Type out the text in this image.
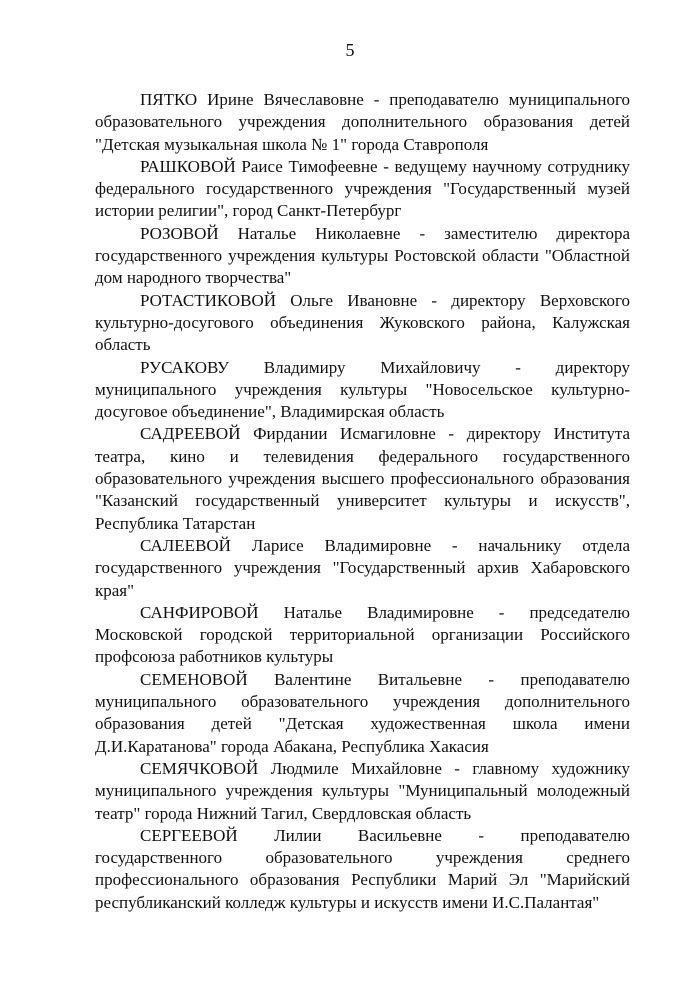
5

ПЯТКО Ирине Вячеславовне - преподавателю муниципального образовательного учреждения дополнительного образования детей "Детская музыкальная школа № 1" города Ставрополя

РАШКОВОЙ Раисе Тимофеевне - ведущему научному сотруднику федерального государственного учреждения "Государственный музей истории религии", город Санкт-Петербург

РОЗОВОЙ Наталье Николаевне - заместителю директора государственного учреждения культуры Ростовской области "Областной дом народного творчества"

РОТАСТИКОВОЙ Ольге Ивановне - директору Верховского культурно-досугового объединения Жуковского района, Калужская область

РУСАКОВУ Владимиру Михайловичу - директору муниципального учреждения культуры "Новосельское культурно-досуговое объединение", Владимирская область

САДРЕЕВОЙ Фирдании Исмагиловне - директору Института театра, кино и телевидения федерального государственного образовательного учреждения высшего профессионального образования "Казанский государственный университет культуры и искусств", Республика Татарстан

САЛЕЕВОЙ Ларисе Владимировне - начальнику отдела государственного учреждения "Государственный архив Хабаровского края"

САНФИРОВОЙ Наталье Владимировне - председателю Московской городской территориальной организации Российского профсоюза работников культуры

СЕМЕНОВОЙ Валентине Витальевне - преподавателю муниципального образовательного учреждения дополнительного образования детей "Детская художественная школа имени Д.И.Каратанова" города Абакана, Республика Хакасия

СЕМЯЧКОВОЙ Людмиле Михайловне - главному художнику муниципального учреждения культуры "Муниципальный молодежный театр" города Нижний Тагил, Свердловская область

СЕРГЕЕВОЙ Лилии Васильевне - преподавателю государственного образовательного учреждения среднего профессионального образования Республики Марий Эл "Марийский республиканский колледж культуры и искусств имени И.С.Палантая"
